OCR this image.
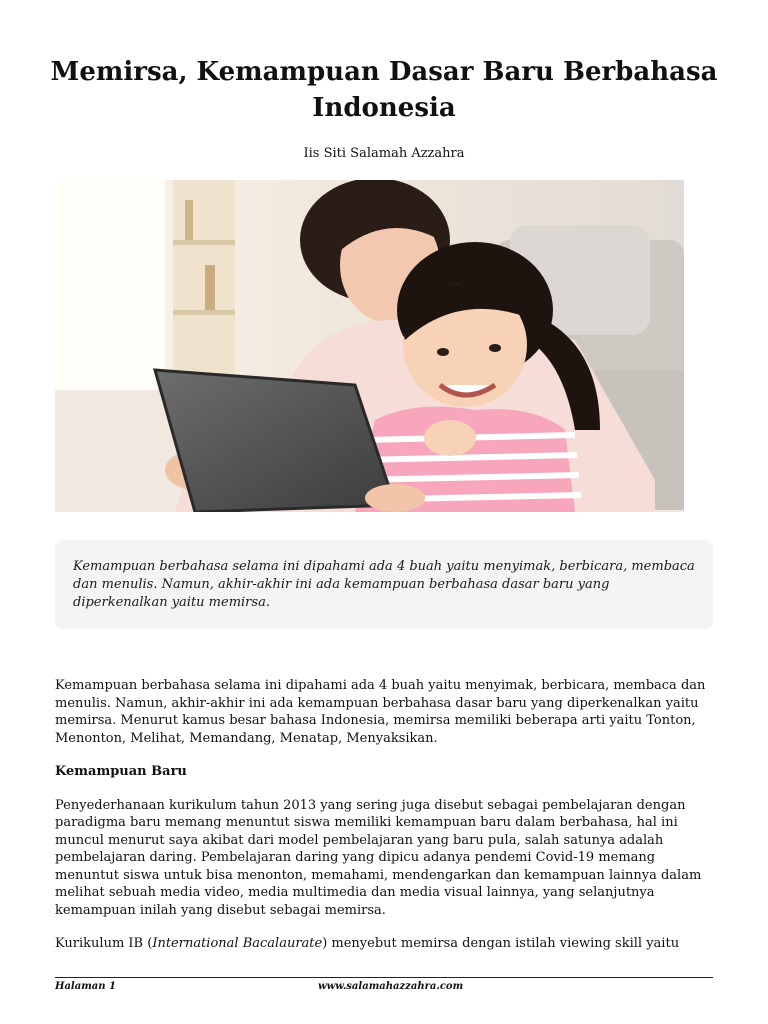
Memirsa, Kemampuan Dasar Baru Berbahasa Indonesia
Iis Siti Salamah Azzahra

Kemampuan berbahasa selama ini dipahami ada 4 buah yaitu menyimak, berbicara, membaca dan menulis. Namun, akhir-akhir ini ada kemampuan berbahasa dasar baru yang diperkenalkan yaitu memirsa.

Kemampuan berbahasa selama ini dipahami ada 4 buah yaitu menyimak, berbicara, membaca dan menulis. Namun, akhir-akhir ini ada kemampuan berbahasa dasar baru yang diperkenalkan yaitu memirsa. Menurut kamus besar bahasa Indonesia, memirsa memiliki beberapa arti yaitu Tonton, Menonton, Melihat, Memandang, Menatap, Menyaksikan.

Kemampuan Baru

Penyederhanaan kurikulum tahun 2013 yang sering juga disebut sebagai pembelajaran dengan paradigma baru memang menuntut siswa memiliki kemampuan baru dalam berbahasa, hal ini muncul menurut saya akibat dari model pembelajaran yang baru pula, salah satunya adalah pembelajaran daring. Pembelajaran daring yang dipicu adanya pendemi Covid-19 memang menuntut siswa untuk bisa menonton, memahami, mendengarkan dan kemampuan lainnya dalam melihat sebuah media video, media multimedia dan media visual lainnya, yang selanjutnya kemampuan inilah yang disebut sebagai memirsa.

Kurikulum IB (International Bacalaurate) menyebut memirsa dengan istilah viewing skill yaitu

Halaman 1	www.salamahazzahra.com
